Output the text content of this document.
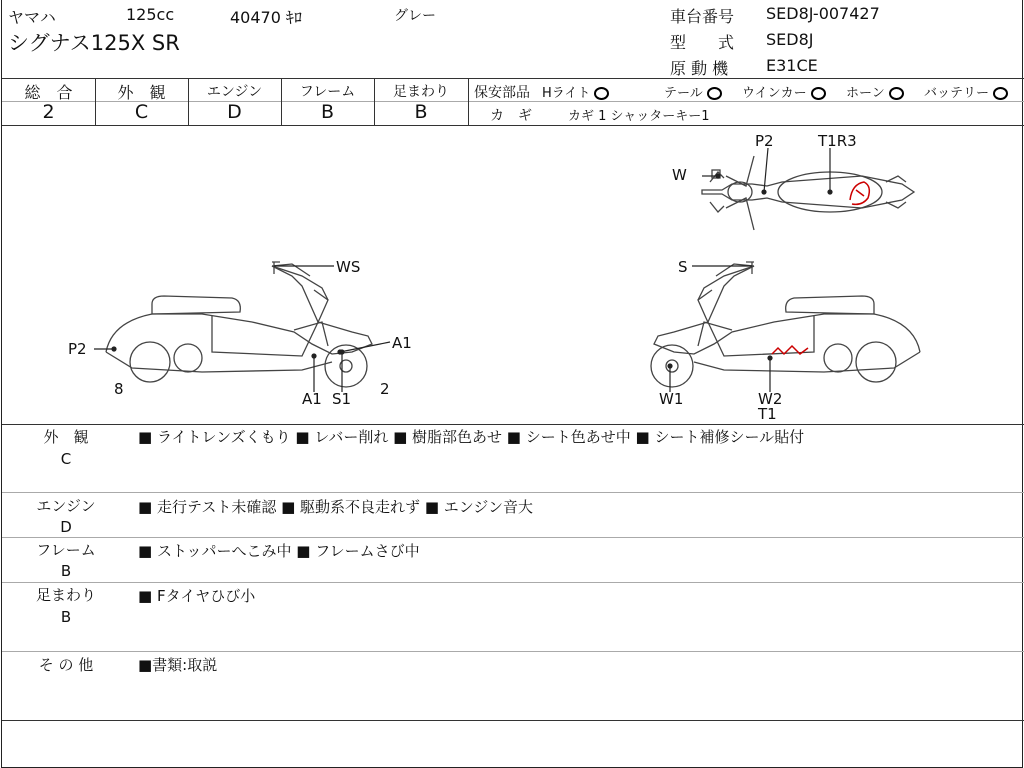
ヤマハ	125cc	40470 ｷﾛ	グレー
シグナス125X SR
車台番号 SED8J-007427
型　　式 SED8J
原 動 機 E31CE
総　合	外　観	エンジン	フレーム	足まわり
2	C	D	B	B
保安部品 Hライト	テール	ウインカー	ホーン	バッテリー
カ　ギ	カギ 1 シャッターキー1
W
P2	T1R3
WS
P2	A1
8
A1 S1
2
S
W1	W2
T1
外　観
C
■ ライトレンズくもり ■ レバー削れ ■ 樹脂部色あせ ■ シート色あせ中 ■ シート補修シール貼付
エンジン
D
■ 走行テスト未確認 ■ 駆動系不良走れず ■ エンジン音大
フレーム
B
■ ストッパーへこみ中 ■ フレームさび中
足まわり
B
■ Fタイヤひび小
そ の 他	■書類:取説
